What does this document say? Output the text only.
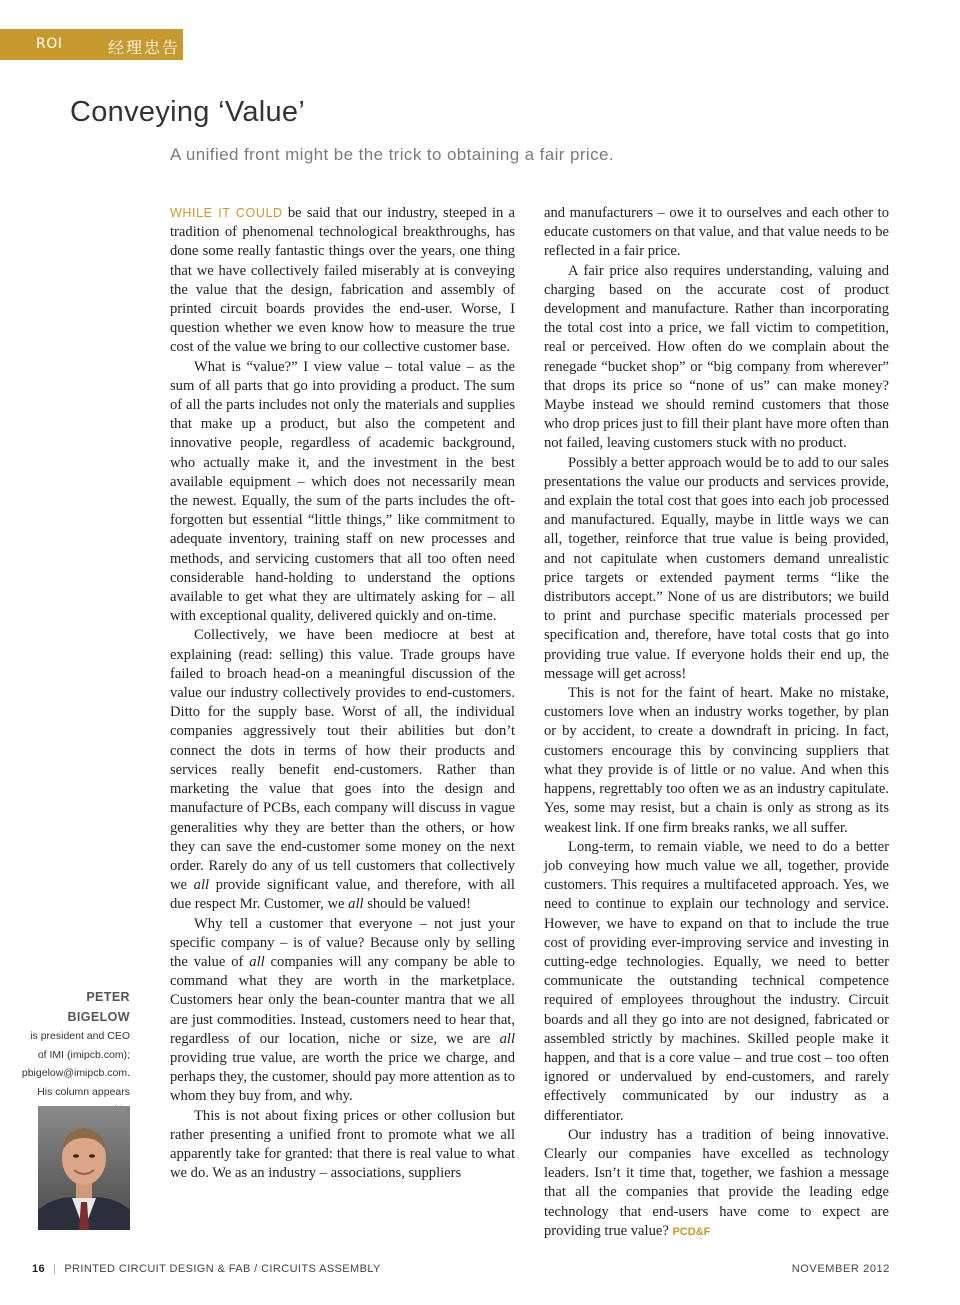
ROI	经理忠告
Conveying ‘Value’
A unified front might be the trick to obtaining a fair price.

WHILE IT COULD be said that our industry, steeped in a tradition of phenomenal technological breakthroughs, has done some really fantastic things over the years, one thing that we have collectively failed miserably at is conveying the value that the design, fabrication and assembly of printed circuit boards provides the end-user. Worse, I question whether we even know how to measure the true cost of the value we bring to our collective customer base.

What is “value?” I view value – total value – as the sum of all parts that go into providing a product. The sum of all the parts includes not only the materials and supplies that make up a product, but also the competent and innovative people, regardless of academic background, who actually make it, and the investment in the best available equipment – which does not necessarily mean the newest. Equally, the sum of the parts includes the oft-forgotten but essential “little things,” like commitment to adequate inventory, training staff on new processes and methods, and servicing customers that all too often need considerable hand-holding to understand the options available to get what they are ultimately asking for – all with exceptional quality, delivered quickly and on-time.

Collectively, we have been mediocre at best at explaining (read: selling) this value. Trade groups have failed to broach head-on a meaningful discussion of the value our industry collectively provides to end-customers. Ditto for the supply base. Worst of all, the individual companies aggressively tout their abilities but don’t connect the dots in terms of how their products and services really benefit end-customers. Rather than marketing the value that goes into the design and manufacture of PCBs, each company will discuss in vague generalities why they are better than the others, or how they can save the end-customer some money on the next order. Rarely do any of us tell customers that collectively we all provide significant value, and therefore, with all due respect Mr. Customer, we all should be valued!

Why tell a customer that everyone – not just your specific company – is of value? Because only by selling the value of all companies will any company be able to command what they are worth in the marketplace. Customers hear only the bean-counter mantra that we all are just commodities. Instead, customers need to hear that, regardless of our location, niche or size, we are all providing true value, are worth the price we charge, and perhaps they, the customer, should pay more attention as to whom they buy from, and why.

This is not about fixing prices or other collusion but rather presenting a unified front to promote what we all apparently take for granted: that there is real value to what we do. We as an industry – associations, suppliers

and manufacturers – owe it to ourselves and each other to educate customers on that value, and that value needs to be reflected in a fair price.

A fair price also requires understanding, valuing and charging based on the accurate cost of product development and manufacture. Rather than incorporating the total cost into a price, we fall victim to competition, real or perceived. How often do we complain about the renegade “bucket shop” or “big company from wherever” that drops its price so “none of us” can make money? Maybe instead we should remind customers that those who drop prices just to fill their plant have more often than not failed, leaving customers stuck with no product.

Possibly a better approach would be to add to our sales presentations the value our products and services provide, and explain the total cost that goes into each job processed and manufactured. Equally, maybe in little ways we can all, together, reinforce that true value is being provided, and not capitulate when customers demand unrealistic price targets or extended payment terms “like the distributors accept.” None of us are distributors; we build to print and purchase specific materials processed per specification and, therefore, have total costs that go into providing true value. If everyone holds their end up, the message will get across!

This is not for the faint of heart. Make no mistake, customers love when an industry works together, by plan or by accident, to create a downdraft in pricing. In fact, customers encourage this by convincing suppliers that what they provide is of little or no value. And when this happens, regrettably too often we as an industry capitulate. Yes, some may resist, but a chain is only as strong as its weakest link. If one firm breaks ranks, we all suffer.

Long-term, to remain viable, we need to do a better job conveying how much value we all, together, provide customers. This requires a multifaceted approach. Yes, we need to continue to explain our technology and service. However, we have to expand on that to include the true cost of providing ever-improving service and investing in cutting-edge technologies. Equally, we need to better communicate the outstanding technical competence required of employees throughout the industry. Circuit boards and all they go into are not designed, fabricated or assembled strictly by machines. Skilled people make it happen, and that is a core value – and true cost – too often ignored or undervalued by end-customers, and rarely effectively communicated by our industry as a differentiator.

Our industry has a tradition of being innovative. Clearly our companies have excelled as technology leaders. Isn’t it time that, together, we fashion a message that all the companies that provide the leading edge technology that end-users have come to expect are providing true value? PCD&F

PETER BIGELOW
is president and CEO of IMI (imipcb.com); pbigelow@imipcb.com. His column appears
16 | PRINTED CIRCUIT DESIGN & FAB / CIRCUITS ASSEMBLY	NOVEMBER 2012
